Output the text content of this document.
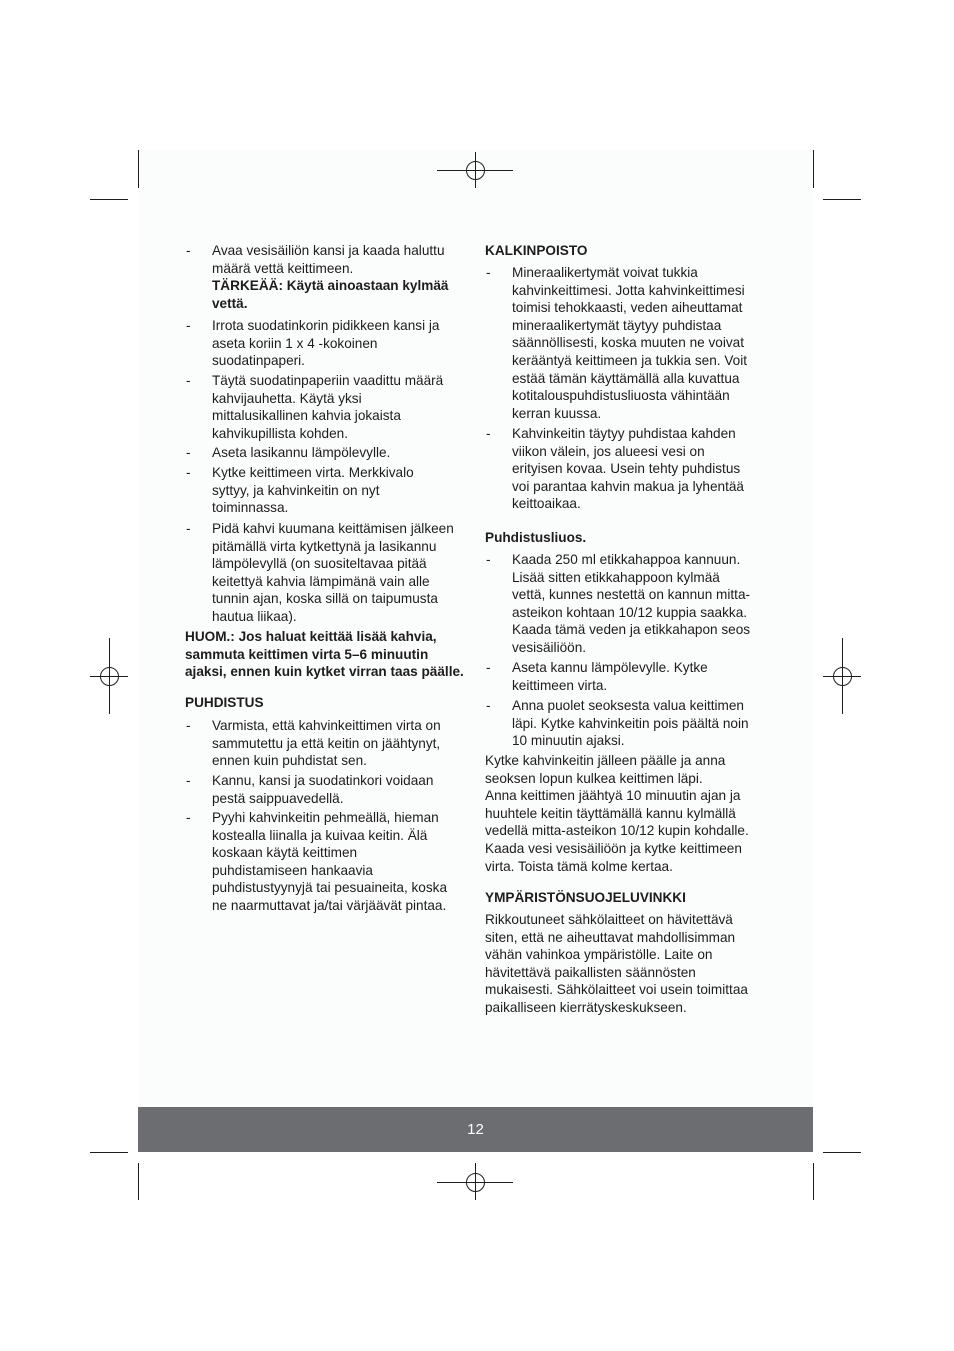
- Avaa vesisäiliön kansi ja kaada haluttu
määrä vettä keittimeen.
TÄRKEÄÄ: Käytä ainoastaan kylmää
vettä.
- Irrota suodatinkorin pidikkeen kansi ja
aseta koriin 1 x 4 -kokoinen
suodatinpaperi.
- Täytä suodatinpaperiin vaadittu määrä
kahvijauhetta. Käytä yksi
mittalusikallinen kahvia jokaista
kahvikupillista kohden.
- Aseta lasikannu lämpölevylle.
- Kytke keittimeen virta. Merkkivalo
syttyy, ja kahvinkeitin on nyt
toiminnassa.
- Pidä kahvi kuumana keittämisen jälkeen
pitämällä virta kytkettynä ja lasikannu
lämpölevyllä (on suositeltavaa pitää
keitettyä kahvia lämpimänä vain alle
tunnin ajan, koska sillä on taipumusta
hautua liikaa).
HUOM.: Jos haluat keittää lisää kahvia,
sammuta keittimen virta 5–6 minuutin
ajaksi, ennen kuin kytket virran taas päälle.
PUHDISTUS
- Varmista, että kahvinkeittimen virta on
sammutettu ja että keitin on jäähtynyt,
ennen kuin puhdistat sen.
- Kannu, kansi ja suodatinkori voidaan
pestä saippuavedellä.
- Pyyhi kahvinkeitin pehmeällä, hieman
kostealla liinalla ja kuivaa keitin. Älä
koskaan käytä keittimen
puhdistamiseen hankaavia
puhdistustyynyjä tai pesuaineita, koska
ne naarmuttavat ja/tai värjäävät pintaa.
KALKINPOISTO
- Mineraalikertymät voivat tukkia
kahvinkeittimesi. Jotta kahvinkeittimesi
toimisi tehokkaasti, veden aiheuttamat
mineraalikertymät täytyy puhdistaa
säännöllisesti, koska muuten ne voivat
kerääntyä keittimeen ja tukkia sen. Voit
estää tämän käyttämällä alla kuvattua
kotitalouspuhdistusliuosta vähintään
kerran kuussa.
- Kahvinkeitin täytyy puhdistaa kahden
viikon välein, jos alueesi vesi on
erityisen kovaa. Usein tehty puhdistus
voi parantaa kahvin makua ja lyhentää
keittoaikaa.
Puhdistusliuos.
- Kaada 250 ml etikkahappoa kannuun.
Lisää sitten etikkahappoon kylmää
vettä, kunnes nestettä on kannun mitta-
asteikon kohtaan 10/12 kuppia saakka.
Kaada tämä veden ja etikkahapon seos
vesisäiliöön.
- Aseta kannu lämpölevylle. Kytke
keittimeen virta.
- Anna puolet seoksesta valua keittimen
läpi. Kytke kahvinkeitin pois päältä noin
10 minuutin ajaksi.
Kytke kahvinkeitin jälleen päälle ja anna
seoksen lopun kulkea keittimen läpi.
Anna keittimen jäähtyä 10 minuutin ajan ja
huuhtele keitin täyttämällä kannu kylmällä
vedellä mitta-asteikon 10/12 kupin kohdalle.
Kaada vesi vesisäiliöön ja kytke keittimeen
virta. Toista tämä kolme kertaa.
YMPÄRISTÖNSUOJELUVINKKI
Rikkoutuneet sähkölaitteet on hävitettävä
siten, että ne aiheuttavat mahdollisimman
vähän vahinkoa ympäristölle. Laite on
hävitettävä paikallisten säännösten
mukaisesti. Sähkölaitteet voi usein toimittaa
paikalliseen kierrätyskeskukseen.
12
